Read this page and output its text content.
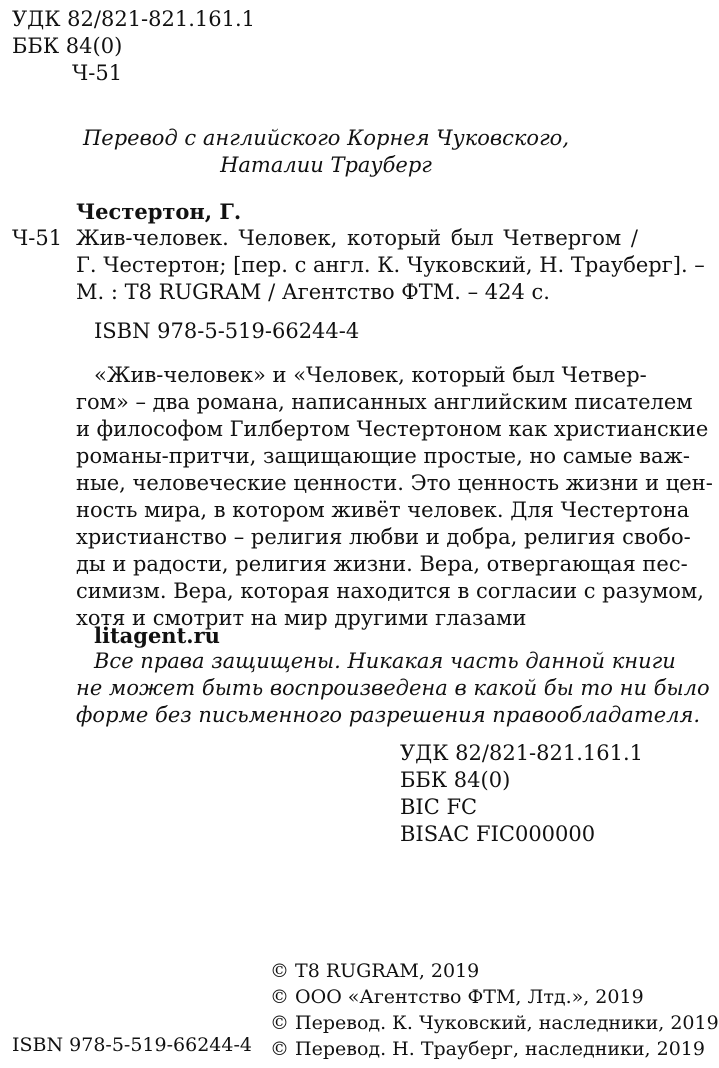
УДК 82/821-821.161.1
ББК 84(0)
Ч-51
Перевод с английского Корнея Чуковского,
Наталии Трауберг
Честертон, Г.
Ч-51 Жив-человек. Человек, который был Четвергом /
Г. Честертон; [пер. с англ. К. Чуковский, Н. Трауберг]. –
М. : Т8 RUGRAM / Агентство ФТМ. – 424 с.
ISBN 978-5-519-66244-4
«Жив-человек» и «Человек, который был Четвер-
гом» – два романа, написанных английским писателем
и философом Гилбертом Честертоном как христианские
романы-притчи, защищающие простые, но самые важ-
ные, человеческие ценности. Это ценность жизни и цен-
ность мира, в котором живёт человек. Для Честертона
христианство – религия любви и добра, религия свобо-
ды и радости, религия жизни. Вера, отвергающая пес-
симизм. Вера, которая находится в согласии с разумом,
хотя и смотрит на мир другими глазами
litagent.ru
Все права защищены. Никакая часть данной книги
не может быть воспроизведена в какой бы то ни было
форме без письменного разрешения правообладателя.
УДК 82/821-821.161.1
ББК 84(0)
BIC FC
BISAC FIC000000
© Т8 RUGRAM, 2019
© ООО «Агентство ФТМ, Лтд.», 2019
© Перевод. К. Чуковский, наследники, 2019
© Перевод. Н. Трауберг, наследники, 2019
ISBN 978-5-519-66244-4
